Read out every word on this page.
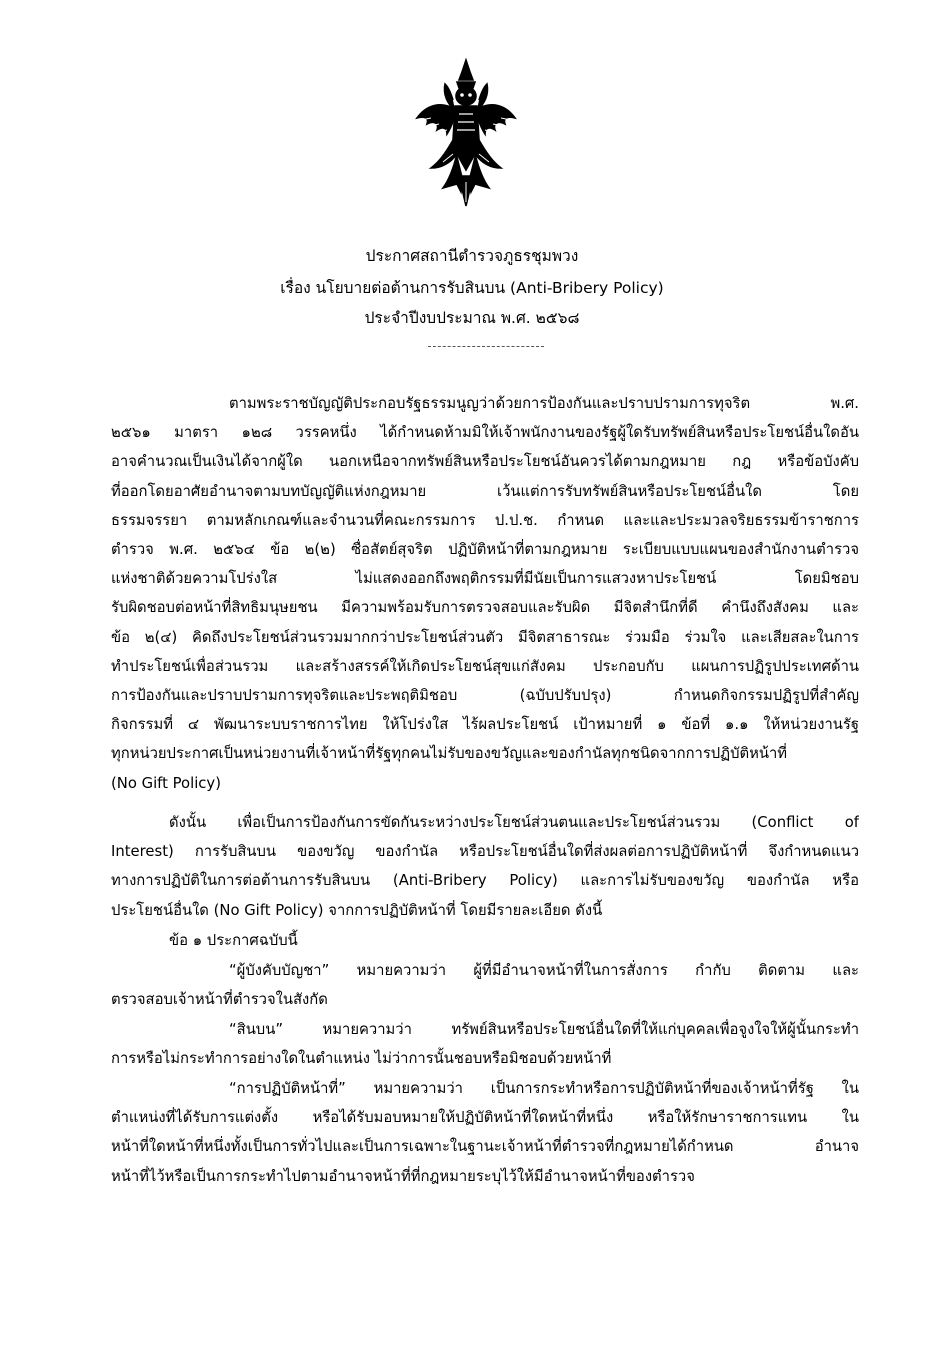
ประกาศสถานีตำรวจภูธรชุมพวง
เรื่อง นโยบายต่อต้านการรับสินบน (Anti-Bribery Policy)
ประจำปีงบประมาณ พ.ศ. ๒๕๖๘
ตามพระราชบัญญัติประกอบรัฐธรรมนูญว่าด้วยการป้องกันและปราบปรามการทุจริต พ.ศ.
๒๕๖๑ มาตรา ๑๒๘ วรรคหนึ่ง ได้กำหนดห้ามมิให้เจ้าพนักงานของรัฐผู้ใดรับทรัพย์สินหรือประโยชน์อื่นใดอัน
อาจคำนวณเป็นเงินได้จากผู้ใด นอกเหนือจากทรัพย์สินหรือประโยชน์อันควรได้ตามกฎหมาย กฎ หรือข้อบังคับ
ที่ออกโดยอาศัยอำนาจตามบทบัญญัติแห่งกฎหมาย เว้นแต่การรับทรัพย์สินหรือประโยชน์อื่นใด โดย
ธรรมจรรยา ตามหลักเกณฑ์และจำนวนที่คณะกรรมการ ป.ป.ช. กำหนด และและประมวลจริยธรรมข้าราชการ
ตำรวจ พ.ศ. ๒๕๖๔ ข้อ ๒(๒) ซื่อสัตย์สุจริต ปฏิบัติหน้าที่ตามกฎหมาย ระเบียบแบบแผนของสำนักงานตำรวจ
แห่งชาติด้วยความโปร่งใส ไม่แสดงออกถึงพฤติกรรมที่มีนัยเป็นการแสวงหาประโยชน์ โดยมิชอบ
รับผิดชอบต่อหน้าที่สิทธิมนุษยชน มีความพร้อมรับการตรวจสอบและรับผิด มีจิตสำนึกที่ดี คำนึงถึงสังคม และ
ข้อ ๒(๔) คิดถึงประโยชน์ส่วนรวมมากกว่าประโยชน์ส่วนตัว มีจิตสาธารณะ ร่วมมือ ร่วมใจ และเสียสละในการ
ทำประโยชน์เพื่อส่วนรวม และสร้างสรรค์ให้เกิดประโยชน์สุขแก่สังคม ประกอบกับ แผนการปฏิรูปประเทศด้าน
การป้องกันและปราบปรามการทุจริตและประพฤติมิชอบ (ฉบับปรับปรุง) กำหนดกิจกรรมปฏิรูปที่สำคัญ
กิจกรรมที่ ๔ พัฒนาระบบราชการไทย ให้โปร่งใส ไร้ผลประโยชน์ เป้าหมายที่ ๑ ข้อที่ ๑.๑ ให้หน่วยงานรัฐ
ทุกหน่วยประกาศเป็นหน่วยงานที่เจ้าหน้าที่รัฐทุกคนไม่รับของขวัญและของกำนัลทุกชนิดจากการปฏิบัติหน้าที่
(No Gift Policy)
ดังนั้น เพื่อเป็นการป้องกันการขัดกันระหว่างประโยชน์ส่วนตนและประโยชน์ส่วนรวม (Conflict of
Interest) การรับสินบน ของขวัญ ของกำนัล หรือประโยชน์อื่นใดที่ส่งผลต่อการปฏิบัติหน้าที่ จึงกำหนดแนว
ทางการปฏิบัติในการต่อต้านการรับสินบน (Anti-Bribery Policy) และการไม่รับของขวัญ ของกำนัล หรือ
ประโยชน์อื่นใด (No Gift Policy) จากการปฏิบัติหน้าที่ โดยมีรายละเอียด ดังนี้
ข้อ ๑ ประกาศฉบับนี้
“ผู้บังคับบัญชา” หมายความว่า ผู้ที่มีอำนาจหน้าที่ในการสั่งการ กำกับ ติดตาม และ
ตรวจสอบเจ้าหน้าที่ตำรวจในสังกัด
“สินบน” หมายความว่า ทรัพย์สินหรือประโยชน์อื่นใดที่ให้แก่บุคคลเพื่อจูงใจให้ผู้นั้นกระทำ
การหรือไม่กระทำการอย่างใดในตำแหน่ง ไม่ว่าการนั้นชอบหรือมิชอบด้วยหน้าที่
“การปฏิบัติหน้าที่” หมายความว่า เป็นการกระทำหรือการปฏิบัติหน้าที่ของเจ้าหน้าที่รัฐ ใน
ตำแหน่งที่ได้รับการแต่งตั้ง หรือได้รับมอบหมายให้ปฏิบัติหน้าที่ใดหน้าที่หนึ่ง หรือให้รักษาราชการแทน ใน
หน้าที่ใดหน้าที่หนึ่งทั้งเป็นการทั่วไปและเป็นการเฉพาะในฐานะเจ้าหน้าที่ตำรวจที่กฎหมายได้กำหนด อำนาจ
หน้าที่ไว้หรือเป็นการกระทำไปตามอำนาจหน้าที่ที่กฎหมายระบุไว้ให้มีอำนาจหน้าที่ของตำรวจ
